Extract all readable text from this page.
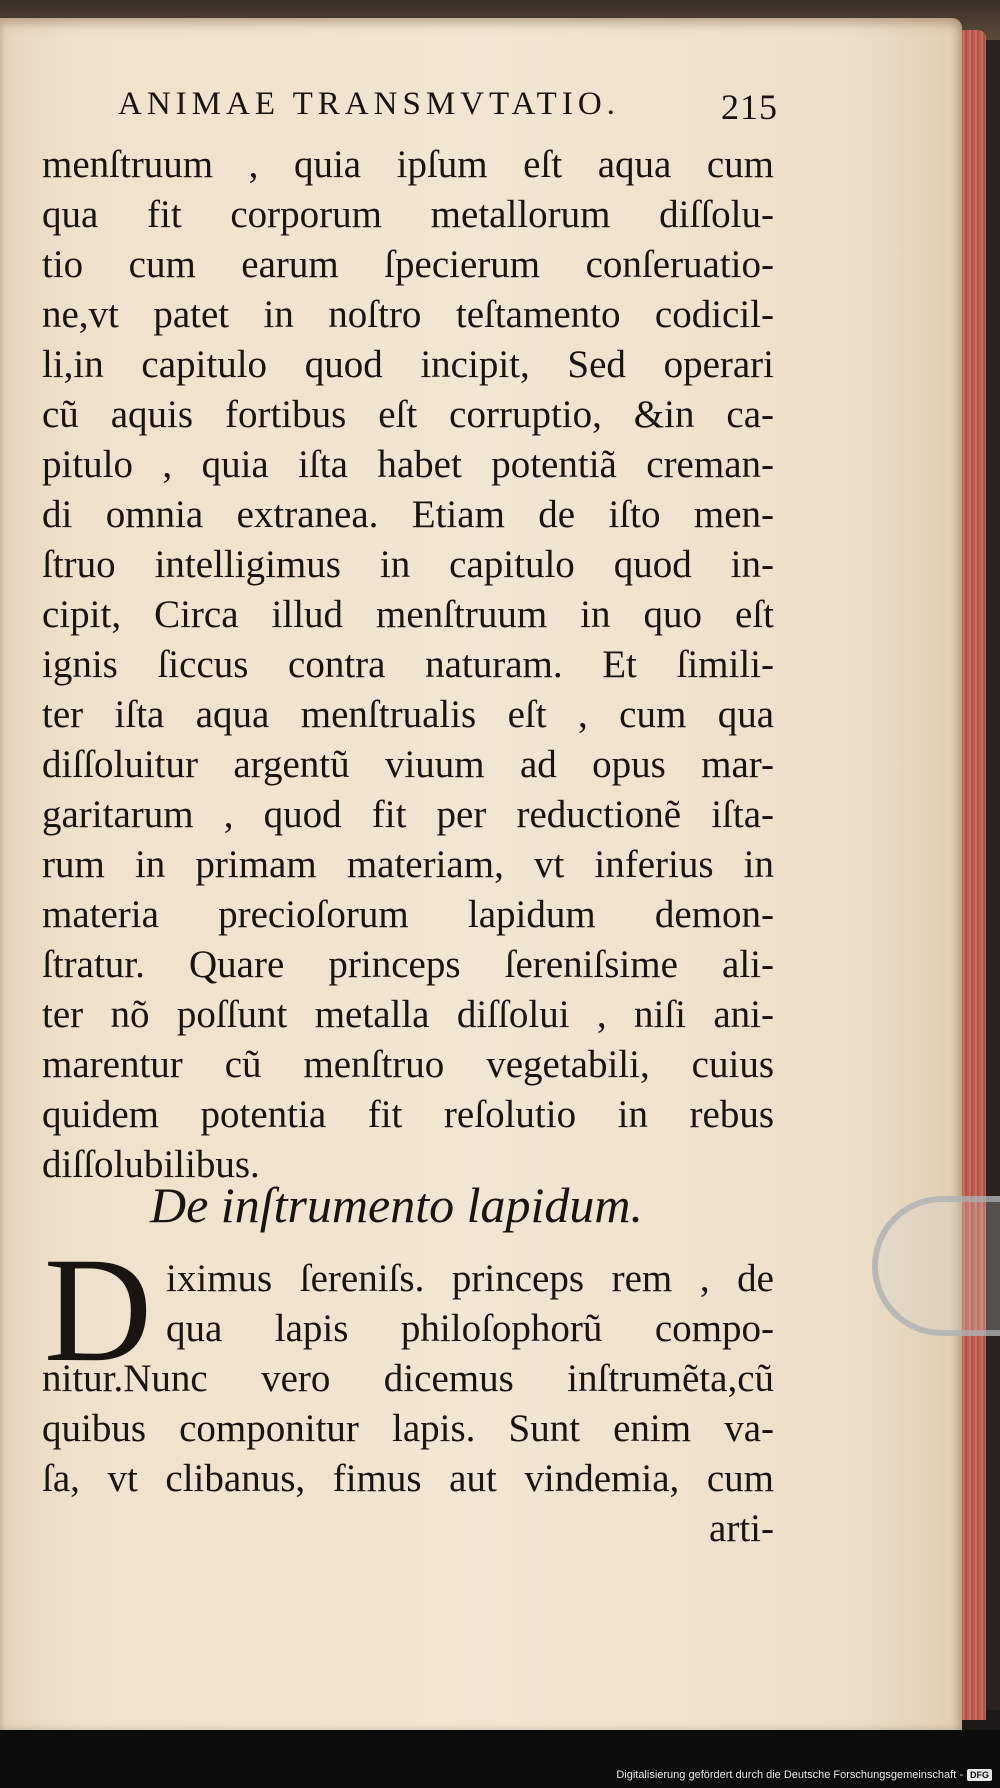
ANIMAE TRANSMVTATIO.	215
menſtruum , quia ipſum eſt aqua cum
qua fit corporum metallorum diſſolu-
tio cum earum ſpecierum conſeruatio-
ne,vt patet in noſtro teſtamento codicil-
li,in capitulo quod incipit, Sed operari
cũ aquis fortibus eſt corruptio, &in ca-
pitulo , quia iſta habet potentiã creman-
di omnia extranea. Etiam de iſto men-
ſtruo intelligimus in capitulo quod in-
cipit, Circa illud menſtruum in quo eſt
ignis ſiccus contra naturam. Et ſimili-
ter iſta aqua menſtrualis eſt , cum qua
diſſoluitur argentũ viuum ad opus mar-
garitarum , quod fit per reductionẽ iſta-
rum in primam materiam, vt inferius in
materia precioſorum lapidum demon-
ſtratur. Quare princeps ſereniſsime ali-
ter nõ poſſunt metalla diſſolui , niſi ani-
marentur cũ menſtruo vegetabili, cuius
quidem potentia fit reſolutio in rebus
diſſolubilibus.
De inſtrumento lapidum.
D iximus ſereniſs. princeps rem , de
qua lapis philoſophorũ compo-
nitur.Nunc vero dicemus inſtrumẽta,cũ
quibus componitur lapis. Sunt enim va-
ſa, vt clibanus, fimus aut vindemia, cum
arti-
Digitalisierung gefördert durch die Deutsche Forschungsgemeinschaft - DFG
